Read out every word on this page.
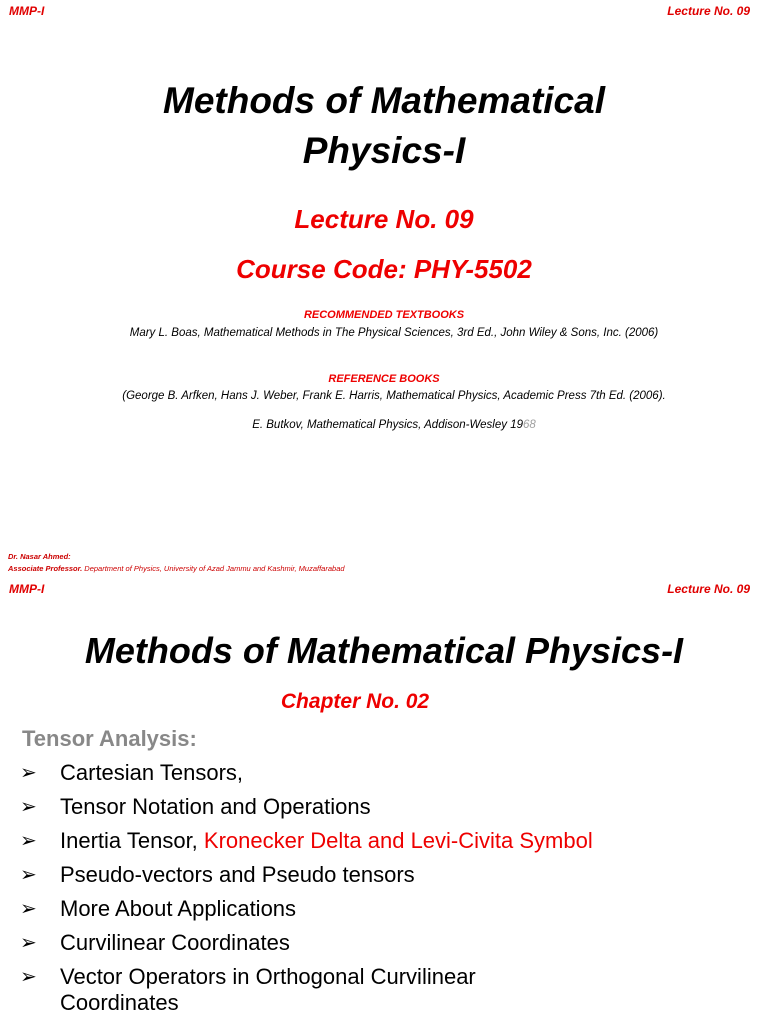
MMP-I	Lecture No. 09
Methods of Mathematical
Physics-I
Lecture No. 09
Course Code: PHY-5502
RECOMMENDED TEXTBOOKS
Mary L. Boas, Mathematical Methods in The Physical Sciences, 3rd Ed., John Wiley & Sons, Inc. (2006)
REFERENCE BOOKS
(George B. Arfken, Hans J. Weber, Frank E. Harris, Mathematical Physics, Academic Press 7th Ed. (2006).
E. Butkov, Mathematical Physics, Addison-Wesley 1968
Dr. Nasar Ahmed:
Associate Professor. Department of Physics, University of Azad Jammu and Kashmir, Muzaffarabad
MMP-I	Lecture No. 09
Methods of Mathematical Physics-I
Chapter No. 02
Tensor Analysis:
➢	Cartesian Tensors,
➢	Tensor Notation and Operations
➢	Inertia Tensor, Kronecker Delta and Levi-Civita Symbol
➢	Pseudo-vectors and Pseudo tensors
➢	More About Applications
➢	Curvilinear Coordinates
➢	Vector Operators in Orthogonal Curvilinear Coordinates
